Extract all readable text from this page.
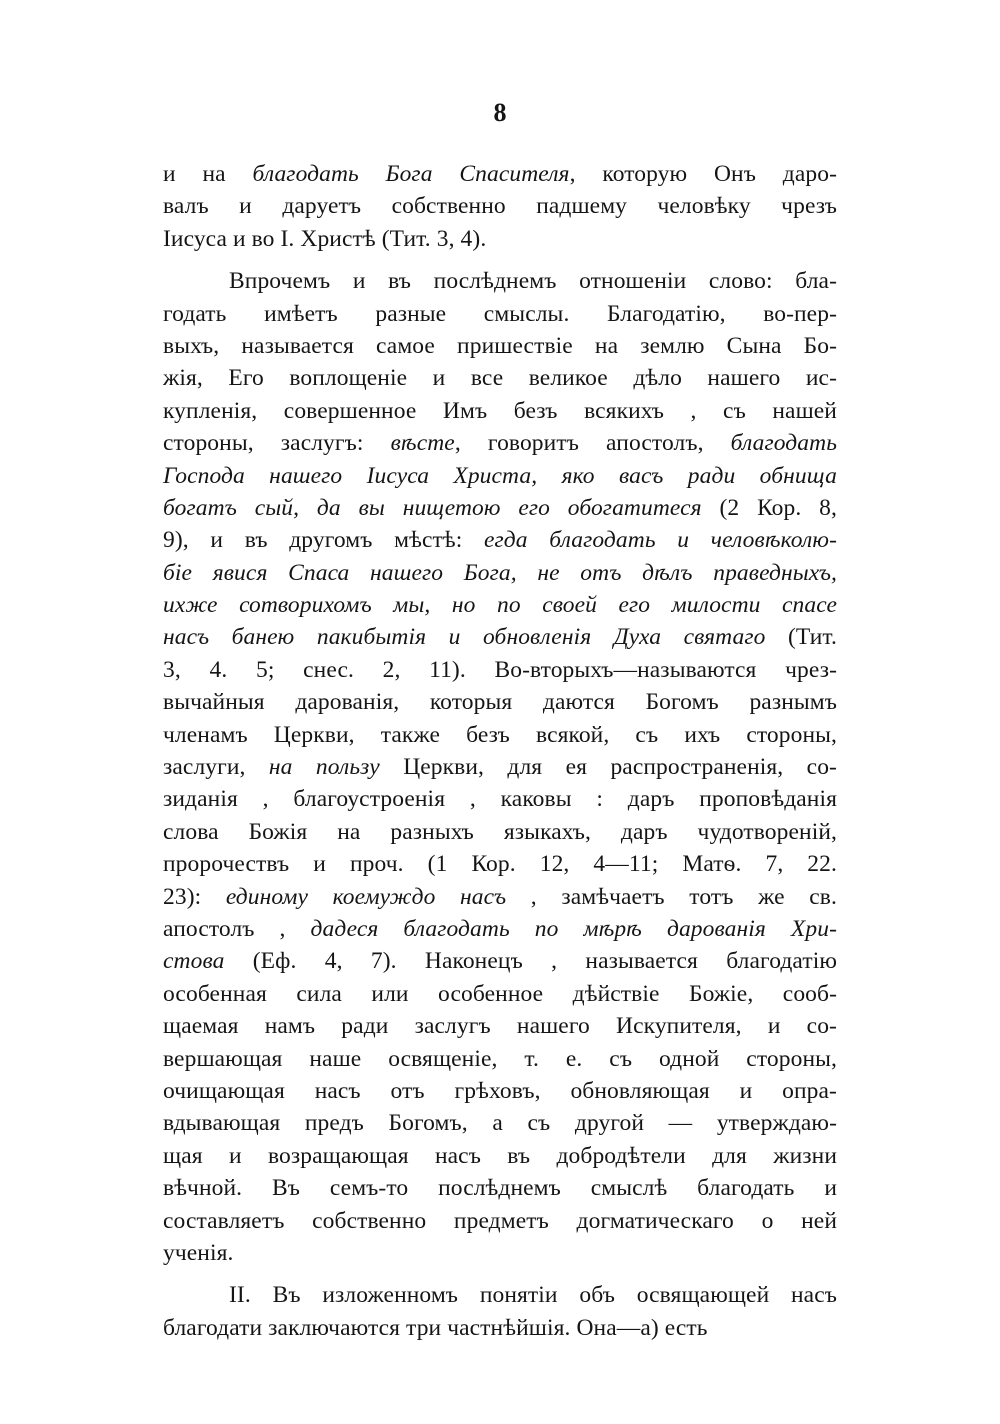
8
и на благодать Бога Спасителя, которую Онъ даро-
валъ и даруетъ собственно падшему человѣку чрезъ
Іисуса и во І. Христѣ (Тит. 3, 4).
Впрочемъ и въ послѣднемъ отношеніи слово: бла-
годать имѣетъ разные смыслы. Благодатію, во-пер-
выхъ, называется самое пришествіе на землю Сына Бо-
жія, Его воплощеніе и все великое дѣло нашего ис-
купленія, совершенное Имъ безъ всякихъ , съ нашей
стороны, заслугъ: вѣсте, говоритъ апостолъ, благодать
Господа нашего Іисуса Христа, яко васъ ради обнища
богатъ сый, да вы нищетою его обогатитеся (2 Кор. 8,
9), и въ другомъ мѣстѣ: егда благодать и человѣколю-
біе явися Спаса нашего Бога, не отъ дѣлъ праведныхъ,
ихже сотворихомъ мы, но по своей его милости спасе
насъ банею пакибытія и обновленія Духа святаго (Тит.
3, 4. 5; снес. 2, 11). Во-вторыхъ—называются чрез-
вычайныя дарованія, которыя даются Богомъ разнымъ
членамъ Церкви, также безъ всякой, съ ихъ стороны,
заслуги, на пользу Церкви, для ея распространенія, со-
зиданія , благоустроенія , каковы : даръ проповѣданія
слова Божія на разныхъ языкахъ, даръ чудотвореній,
пророчествъ и проч. (1 Кор. 12, 4—11; Матѳ. 7, 22.
23): единому коемуждо насъ , замѣчаетъ тотъ же св.
апостолъ , дадеся благодать по мѣрѣ дарованія Хри-
стова (Еф. 4, 7). Наконецъ , называется благодатію
особенная сила или особенное дѣйствіе Божіе, сооб-
щаемая намъ ради заслугъ нашего Искупителя, и со-
вершающая наше освященіе, т. е. съ одной стороны,
очищающая насъ отъ грѣховъ, обновляющая и опра-
вдывающая предъ Богомъ, а съ другой — утверждаю-
щая и возращающая насъ въ добродѣтели для жизни
вѣчной. Въ семъ-то послѣднемъ смыслѣ благодать и
составляетъ собственно предметъ догматическаго о ней
ученія.
II. Въ изложенномъ понятіи объ освящающей насъ
благодати заключаются три частнѣйшія. Она—а) есть
